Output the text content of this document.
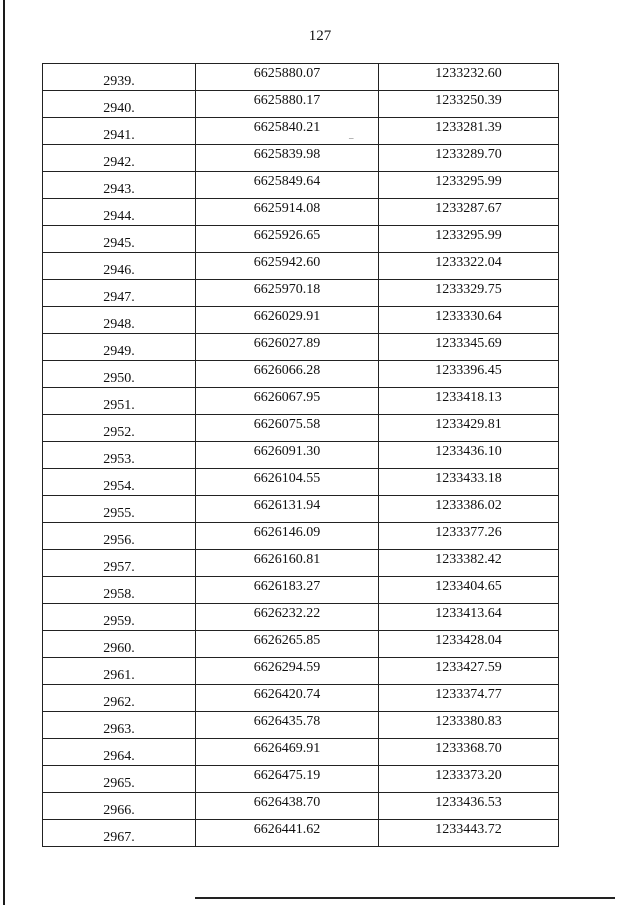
127
2939.	6625880.07	1233232.60
2940.	6625880.17	1233250.39
2941.	6625840.21	1233281.39
2942.	6625839.98	1233289.70
2943.	6625849.64	1233295.99
2944.	6625914.08	1233287.67
2945.	6625926.65	1233295.99
2946.	6625942.60	1233322.04
2947.	6625970.18	1233329.75
2948.	6626029.91	1233330.64
2949.	6626027.89	1233345.69
2950.	6626066.28	1233396.45
2951.	6626067.95	1233418.13
2952.	6626075.58	1233429.81
2953.	6626091.30	1233436.10
2954.	6626104.55	1233433.18
2955.	6626131.94	1233386.02
2956.	6626146.09	1233377.26
2957.	6626160.81	1233382.42
2958.	6626183.27	1233404.65
2959.	6626232.22	1233413.64
2960.	6626265.85	1233428.04
2961.	6626294.59	1233427.59
2962.	6626420.74	1233374.77
2963.	6626435.78	1233380.83
2964.	6626469.91	1233368.70
2965.	6626475.19	1233373.20
2966.	6626438.70	1233436.53
2967.	6626441.62	1233443.72
–
